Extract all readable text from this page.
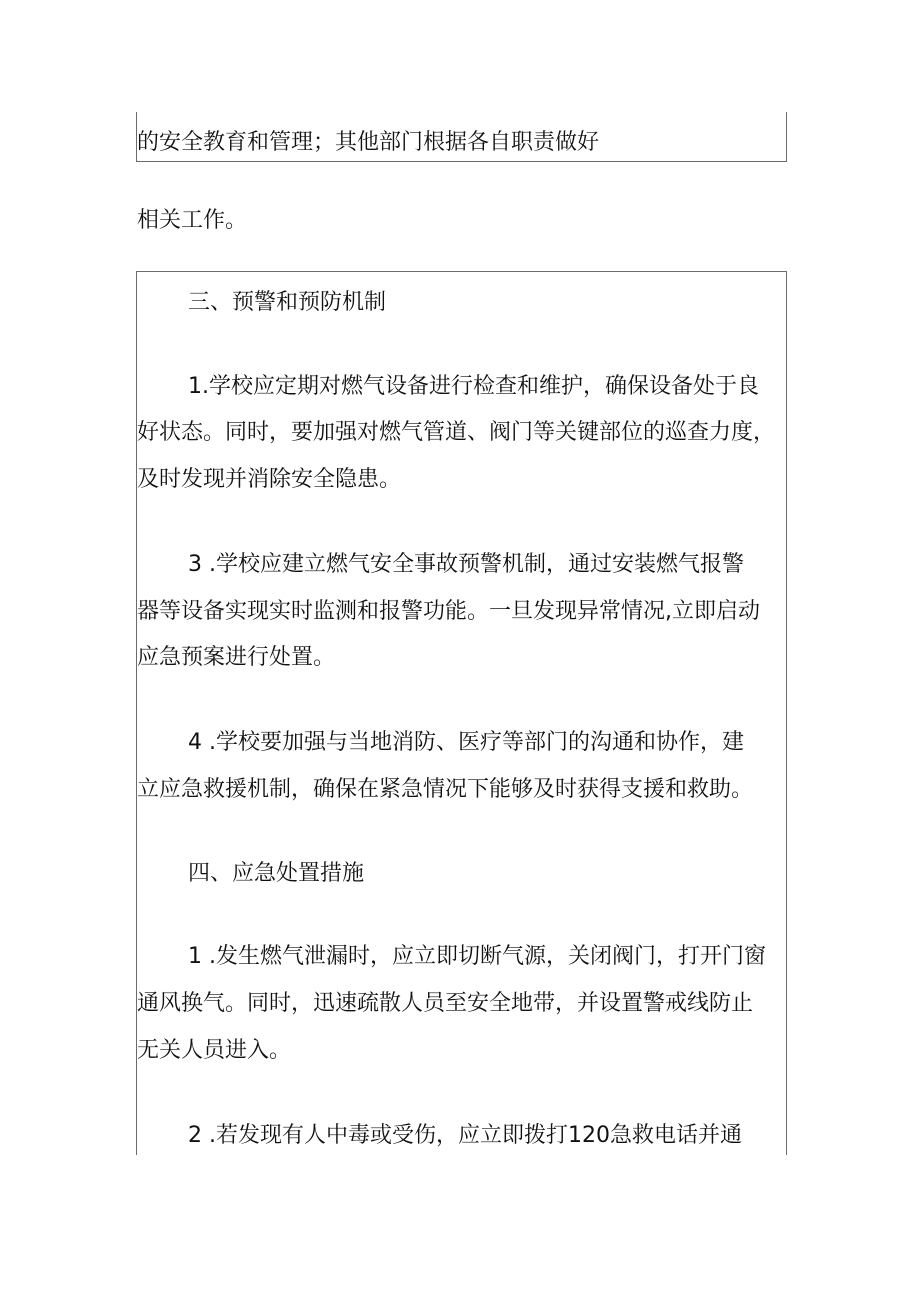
的安全教育和管理；其他部门根据各自职责做好

相关工作。

三、预警和预防机制

1.学校应定期对燃气设备进行检查和维护，确保设备处于良

好状态。同时，要加强对燃气管道、阀门等关键部位的巡查力度，

及时发现并消除安全隐患。

3 .学校应建立燃气安全事故预警机制，通过安装燃气报警

器等设备实现实时监测和报警功能。一旦发现异常情况,立即启动

应急预案进行处置。

4 .学校要加强与当地消防、医疗等部门的沟通和协作，建

立应急救援机制，确保在紧急情况下能够及时获得支援和救助。

四、应急处置措施

1 .发生燃气泄漏时，应立即切断气源，关闭阀门，打开门窗

通风换气。同时，迅速疏散人员至安全地带，并设置警戒线防止

无关人员进入。

2 .若发现有人中毒或受伤，应立即拨打120急救电话并通
